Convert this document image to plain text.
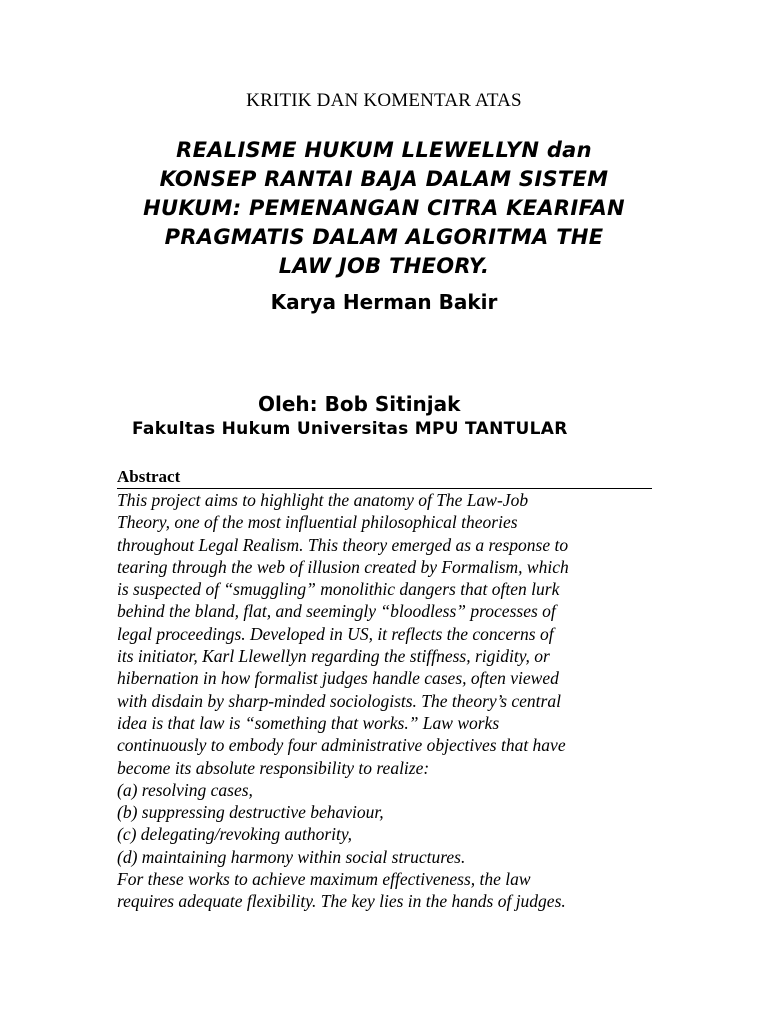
KRITIK DAN KOMENTAR ATAS
REALISME HUKUM LLEWELLYN dan
KONSEP RANTAI BAJA DALAM SISTEM
HUKUM: PEMENANGAN CITRA KEARIFAN
PRAGMATIS DALAM ALGORITMA THE
LAW JOB THEORY.
Karya Herman Bakir
Oleh: Bob Sitinjak
Fakultas Hukum Universitas MPU TANTULAR
Abstract
This project aims to highlight the anatomy of The Law-Job
Theory, one of the most influential philosophical theories
throughout Legal Realism. This theory emerged as a response to
tearing through the web of illusion created by Formalism, which
is suspected of “smuggling” monolithic dangers that often lurk
behind the bland, flat, and seemingly “bloodless” processes of
legal proceedings. Developed in US, it reflects the concerns of
its initiator, Karl Llewellyn regarding the stiffness, rigidity, or
hibernation in how formalist judges handle cases, often viewed
with disdain by sharp-minded sociologists. The theory’s central
idea is that law is “something that works.” Law works
continuously to embody four administrative objectives that have
become its absolute responsibility to realize:
(a) resolving cases,
(b) suppressing destructive behaviour,
(c) delegating/revoking authority,
(d) maintaining harmony within social structures.
For these works to achieve maximum effectiveness, the law
requires adequate flexibility. The key lies in the hands of judges.
